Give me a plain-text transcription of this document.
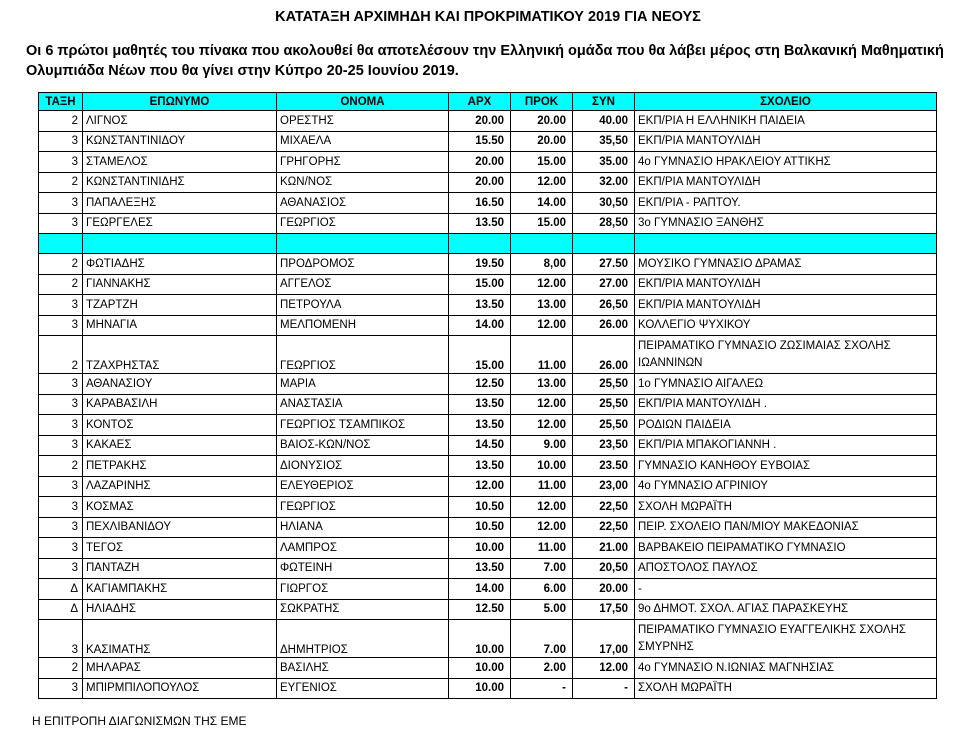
ΚΑΤΑΤΑΞΗ ΑΡΧΙΜΗΔΗ ΚΑΙ ΠΡΟΚΡΙΜΑΤΙΚΟΥ 2019 ΓΙΑ ΝΕΟΥΣ
Οι 6 πρώτοι μαθητές του πίνακα που ακολουθεί θα αποτελέσουν την Ελληνική ομάδα που θα λάβει μέρος στη Βαλκανική Μαθηματική Ολυμπιάδα Νέων που θα γίνει στην Κύπρο 20-25 Ιουνίου 2019.
ΤΑΞΗ	ΕΠΩΝΥΜΟ	ΟΝΟΜΑ	ΑΡΧ	ΠΡΟΚ	ΣΥΝ	ΣΧΟΛΕΙΟ
2	ΛΙΓΝΟΣ	ΟΡΕΣΤΗΣ	20.00	20.00	40.00	ΕΚΠ/ΡΙΑ Η ΕΛΛΗΝΙΚΗ ΠΑΙΔΕΙΑ
3	ΚΩΝΣΤΑΝΤΙΝΙΔΟΥ	ΜΙΧΑΕΛΑ	15.50	20.00	35,50	ΕΚΠ/ΡΙΑ ΜΑΝΤΟΥΛΙΔΗ
3	ΣΤΑΜΕΛΟΣ	ΓΡΗΓΟΡΗΣ	20.00	15.00	35.00	4ο ΓΥΜΝΑΣΙΟ ΗΡΑΚΛΕΙΟΥ ΑΤΤΙΚΗΣ
2	ΚΩΝΣΤΑΝΤΙΝΙΔΗΣ	ΚΩΝ/ΝΟΣ	20.00	12.00	32.00	ΕΚΠ/ΡΙΑ ΜΑΝΤΟΥΛΙΔΗ
3	ΠΑΠΑΛΕΞΗΣ	ΑΘΑΝΑΣΙΟΣ	16.50	14.00	30,50	ΕΚΠ/ΡΙΑ - ΡΑΠΤΟΥ.
3	ΓΕΩΡΓΕΛΕΣ	ΓΕΩΡΓΙΟΣ	13.50	15.00	28,50	3ο ΓΥΜΝΑΣΙΟ ΞΑΝΘΗΣ

2	ΦΩΤΙΑΔΗΣ	ΠΡΟΔΡΟΜΟΣ	19.50	8,00	27.50	ΜΟΥΣΙΚΟ ΓΥΜΝΑΣΙΟ ΔΡΑΜΑΣ
2	ΓΙΑΝΝΑΚΗΣ	ΑΓΓΕΛΟΣ	15.00	12.00	27.00	ΕΚΠ/ΡΙΑ ΜΑΝΤΟΥΛΙΔΗ
3	ΤΖΑΡΤΖΗ	ΠΕΤΡΟΥΛΑ	13.50	13.00	26,50	ΕΚΠ/ΡΙΑ ΜΑΝΤΟΥΛΙΔΗ
3	ΜΗΝΑΓΙΑ	ΜΕΛΠΟΜΕΝΗ	14.00	12.00	26.00	ΚΟΛΛΕΓΙΟ ΨΥΧΙΚΟΥ
2	ΤΖΑΧΡΗΣΤΑΣ	ΓΕΩΡΓΙΟΣ	15.00	11.00	26.00	ΠΕΙΡΑΜΑΤΙΚΟ ΓΥΜΝΑΣΙΟ ΖΩΣΙΜΑΙΑΣ ΣΧΟΛΗΣ ΙΩΑΝΝΙΝΩΝ
3	ΑΘΑΝΑΣΙΟΥ	ΜΑΡΙΑ	12.50	13.00	25,50	1ο ΓΥΜΝΑΣΙΟ ΑΙΓΑΛΕΩ
3	ΚΑΡΑΒΑΣΙΛΗ	ΑΝΑΣΤΑΣΙΑ	13.50	12.00	25,50	ΕΚΠ/ΡΙΑ ΜΑΝΤΟΥΛΙΔΗ .
3	ΚΟΝΤΟΣ	ΓΕΩΡΓΙΟΣ ΤΣΑΜΠΙΚΟΣ	13.50	12.00	25,50	ΡΟΔΙΩΝ ΠΑΙΔΕΙΑ
3	ΚΑΚΑΕΣ	ΒΑΙΟΣ-ΚΩΝ/ΝΟΣ	14.50	9.00	23,50	ΕΚΠ/ΡΙΑ ΜΠΑΚΟΓΙΑΝΝΗ .
2	ΠΕΤΡΑΚΗΣ	ΔΙΟΝΥΣΙΟΣ	13.50	10.00	23.50	ΓΥΜΝΑΣΙΟ ΚΑΝΗΘΟΥ ΕΥΒΟΙΑΣ
3	ΛΑΖΑΡΙΝΗΣ	ΕΛΕΥΘΕΡΙΟΣ	12.00	11.00	23,00	4ο ΓΥΜΝΑΣΙΟ ΑΓΡΙΝΙΟΥ
3	ΚΟΣΜΑΣ	ΓΕΩΡΓΙΟΣ	10.50	12.00	22,50	ΣΧΟΛΗ ΜΩΡΑΪΤΗ
3	ΠΕΧΛΙΒΑΝΙΔΟΥ	ΗΛΙΑΝΑ	10.50	12.00	22,50	ΠΕΙΡ. ΣΧΟΛΕΙΟ ΠΑΝ/ΜΙΟΥ ΜΑΚΕΔΟΝΙΑΣ
3	ΤΕΓΟΣ	ΛΑΜΠΡΟΣ	10.00	11.00	21.00	ΒΑΡΒΑΚΕΙΟ ΠΕΙΡΑΜΑΤΙΚΟ ΓΥΜΝΑΣΙΟ
3	ΠΑΝΤΑΖΗ	ΦΩΤΕΙΝΗ	13.50	7.00	20,50	ΑΠΟΣΤΟΛΟΣ ΠΑΥΛΟΣ
Δ	ΚΑΓΙΑΜΠΑΚΗΣ	ΓΙΩΡΓΟΣ	14.00	6.00	20.00	-
Δ	ΗΛΙΑΔΗΣ	ΣΩΚΡΑΤΗΣ	12.50	5.00	17,50	9ο ΔΗΜΟΤ. ΣΧΟΛ. ΑΓΙΑΣ ΠΑΡΑΣΚΕΥΗΣ
3	ΚΑΣΙΜΑΤΗΣ	ΔΗΜΗΤΡΙΟΣ	10.00	7.00	17,00	ΠΕΙΡΑΜΑΤΙΚΟ ΓΥΜΝΑΣΙΟ ΕΥΑΓΓΕΛΙΚΗΣ ΣΧΟΛΗΣ ΣΜΥΡΝΗΣ
2	ΜΗΛΑΡΑΣ	ΒΑΣΙΛΗΣ	10.00	2.00	12.00	4ο ΓΥΜΝΑΣΙΟ Ν.ΙΩΝΙΑΣ ΜΑΓΝΗΣΙΑΣ
3	ΜΠΙΡΜΠΙΛΟΠΟΥΛΟΣ	ΕΥΓΕΝΙΟΣ	10.00	-	-	ΣΧΟΛΗ ΜΩΡΑΪΤΗ
Η ΕΠΙΤΡΟΠΗ ΔΙΑΓΩΝΙΣΜΩΝ ΤΗΣ ΕΜΕ
